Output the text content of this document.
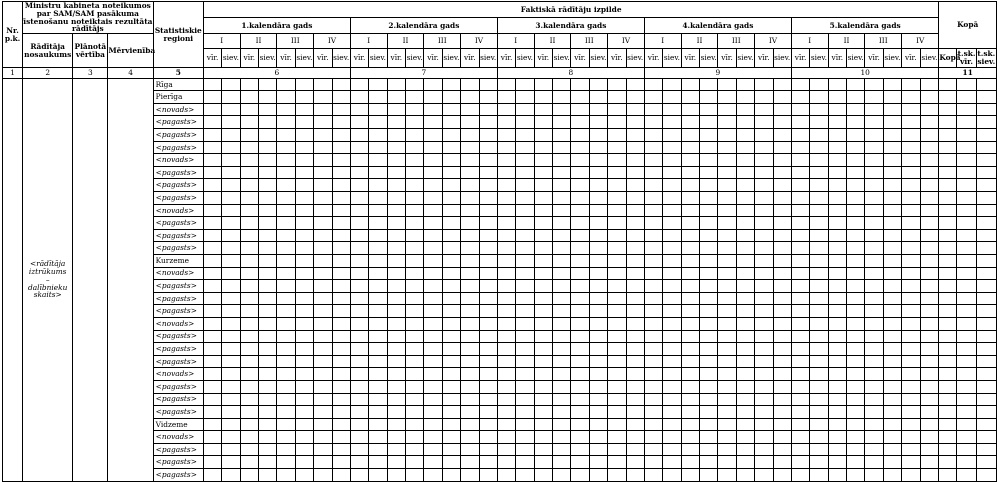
Nr. p.k.	Ministru kabineta noteikumos par SAM/SAM pasākuma īstenošanu noteiktais rezultāta rādītājs			Statistiskie regioni	Faktiskā rādītāju izpilde																																								Kopā		
					1.kalendāra gads								2.kalendāra gads								3.kalendāra gads								4.kalendāra gads								5.kalendāra gads										
	Rādītāja nosaukums	Plānotā vērtība	Mērvienība		I		II		III		IV		I		II		III		IV		I		II		III		IV		I		II		III		IV		I		II		III		IV				
					vīr.	siev.	vīr.	siev.	vīr.	siev.	vīr.	siev.	vīr.	siev.	vīr.	siev.	vīr.	siev.	vīr.	siev.	vīr.	siev.	vīr.	siev.	vīr.	siev.	vīr.	siev.	vīr.	siev.	vīr.	siev.	vīr.	siev.	vīr.	siev.	vīr.	siev.	vīr.	siev.	vīr.	siev.	vīr.	siev.	Kopā	t.sk. vīr.	t.sk. siev.
1	2	3	4	5	6								7								8								9								10								11		
	<rādītāja iztrūkums – dalībnieku skaits>			Rīga																																											
				Pierīga																																											
				<novads>																																											
				<pagasts>																																											
				<pagasts>																																											
				<pagasts>																																											
				<novads>																																											
				<pagasts>																																											
				<pagasts>																																											
				<pagasts>																																											
				<novads>																																											
				<pagasts>																																											
				<pagasts>																																											
				<pagasts>																																											
				Kurzeme																																											
				<novads>																																											
				<pagasts>																																											
				<pagasts>																																											
				<pagasts>																																											
				<novads>																																											
				<pagasts>																																											
				<pagasts>																																											
				<pagasts>																																											
				<novads>																																											
				<pagasts>																																											
				<pagasts>																																											
				<pagasts>																																											
				Vidzeme																																											
				<novads>																																											
				<pagasts>																																											
				<pagasts>																																											
				<pagasts>																																											
